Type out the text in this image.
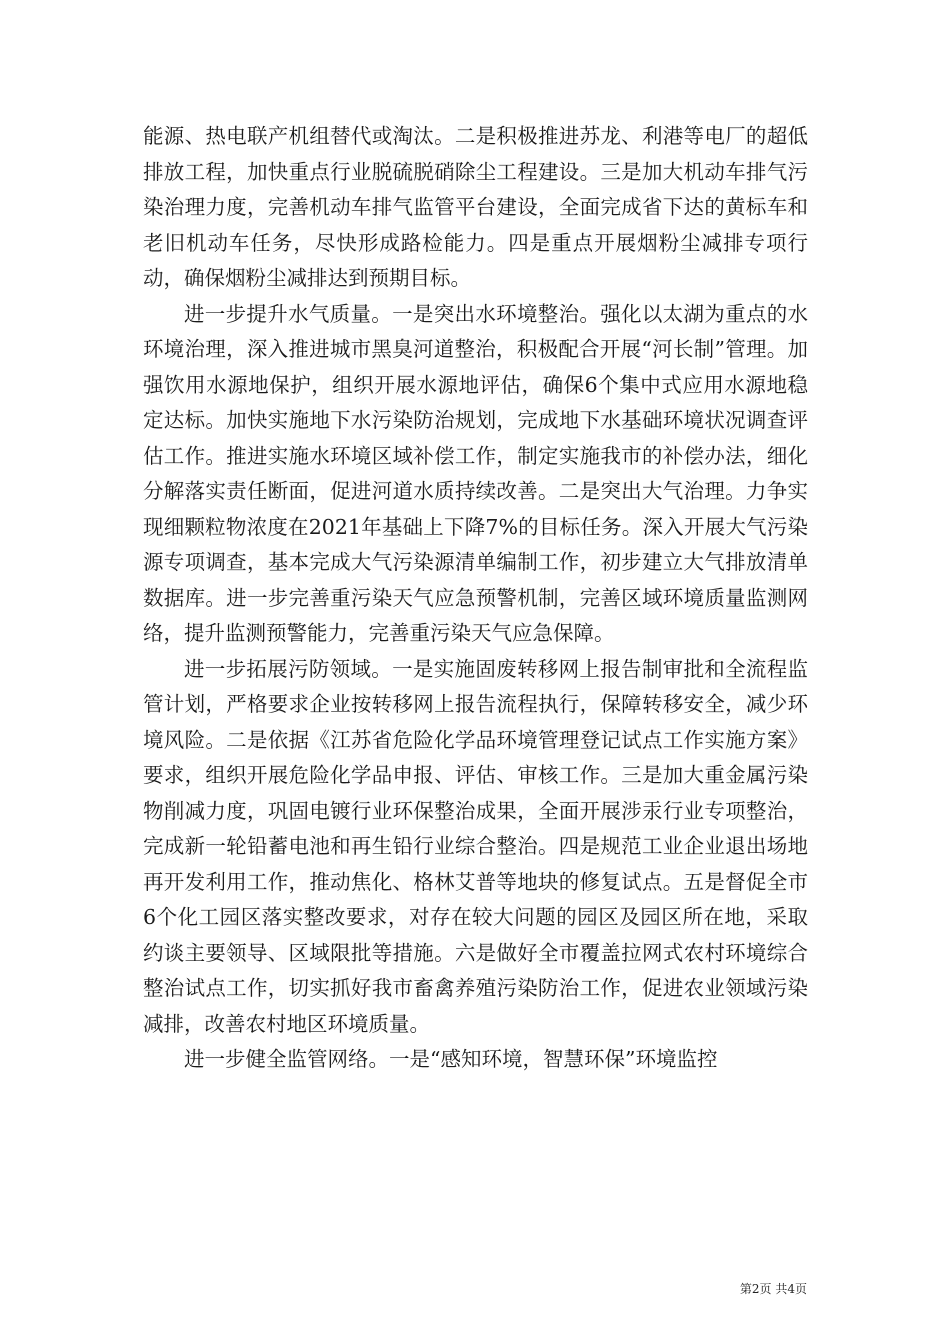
能源、热电联产机组替代或淘汰。二是积极推进苏龙、利港等电厂的超低排放工程，加快重点行业脱硫脱硝除尘工程建设。三是加大机动车排气污染治理力度，完善机动车排气监管平台建设，全面完成省下达的黄标车和老旧机动车任务，尽快形成路检能力。四是重点开展烟粉尘减排专项行动，确保烟粉尘减排达到预期目标。

进一步提升水气质量。一是突出水环境整治。强化以太湖为重点的水环境治理，深入推进城市黑臭河道整治，积极配合开展“河长制”管理。加强饮用水源地保护，组织开展水源地评估，确保6个集中式应用水源地稳定达标。加快实施地下水污染防治规划，完成地下水基础环境状况调查评估工作。推进实施水环境区域补偿工作，制定实施我市的补偿办法，细化分解落实责任断面，促进河道水质持续改善。二是突出大气治理。力争实现细颗粒物浓度在2021年基础上下降7%的目标任务。深入开展大气污染源专项调查，基本完成大气污染源清单编制工作，初步建立大气排放清单数据库。进一步完善重污染天气应急预警机制，完善区域环境质量监测网络，提升监测预警能力，完善重污染天气应急保障。

进一步拓展污防领域。一是实施固废转移网上报告制审批和全流程监管计划，严格要求企业按转移网上报告流程执行，保障转移安全，减少环境风险。二是依据《江苏省危险化学品环境管理登记试点工作实施方案》要求，组织开展危险化学品申报、评估、审核工作。三是加大重金属污染物削减力度，巩固电镀行业环保整治成果，全面开展涉汞行业专项整治，完成新一轮铅蓄电池和再生铅行业综合整治。四是规范工业企业退出场地再开发利用工作，推动焦化、格林艾普等地块的修复试点。五是督促全市6个化工园区落实整改要求，对存在较大问题的园区及园区所在地，采取约谈主要领导、区域限批等措施。六是做好全市覆盖拉网式农村环境综合整治试点工作，切实抓好我市畜禽养殖污染防治工作，促进农业领域污染减排，改善农村地区环境质量。

进一步健全监管网络。一是“感知环境，智慧环保”环境监控

第2页 共4页
